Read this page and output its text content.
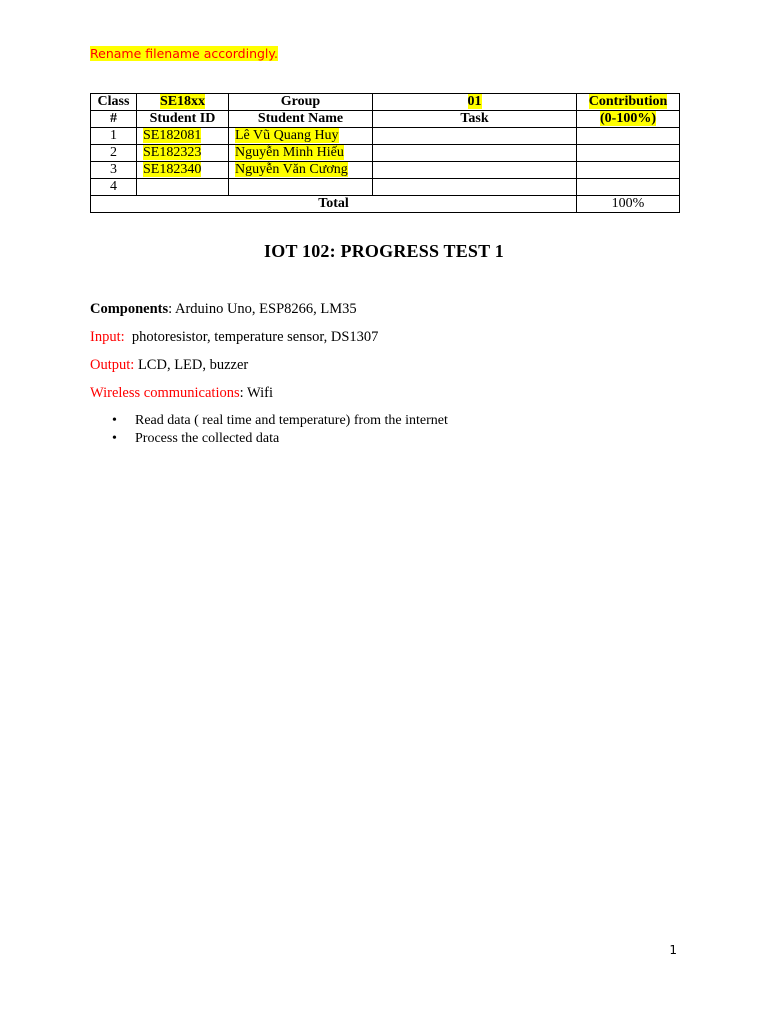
Rename filename accordingly.
Class	SE18xx	Group	01	Contribution
#	Student ID	Student Name	Task	(0-100%)
1	SE182081	Lê Vũ Quang Huy		
2	SE182323	Nguyễn Minh Hiếu		
3	SE182340	Nguyễn Văn Cương		
4				
Total				100%
IOT 102: PROGRESS TEST 1
Components: Arduino Uno, ESP8266, LM35
Input: photoresistor, temperature sensor, DS1307
Output: LCD, LED, buzzer
Wireless communications: Wifi
• Read data ( real time and temperature) from the internet
• Process the collected data
1
